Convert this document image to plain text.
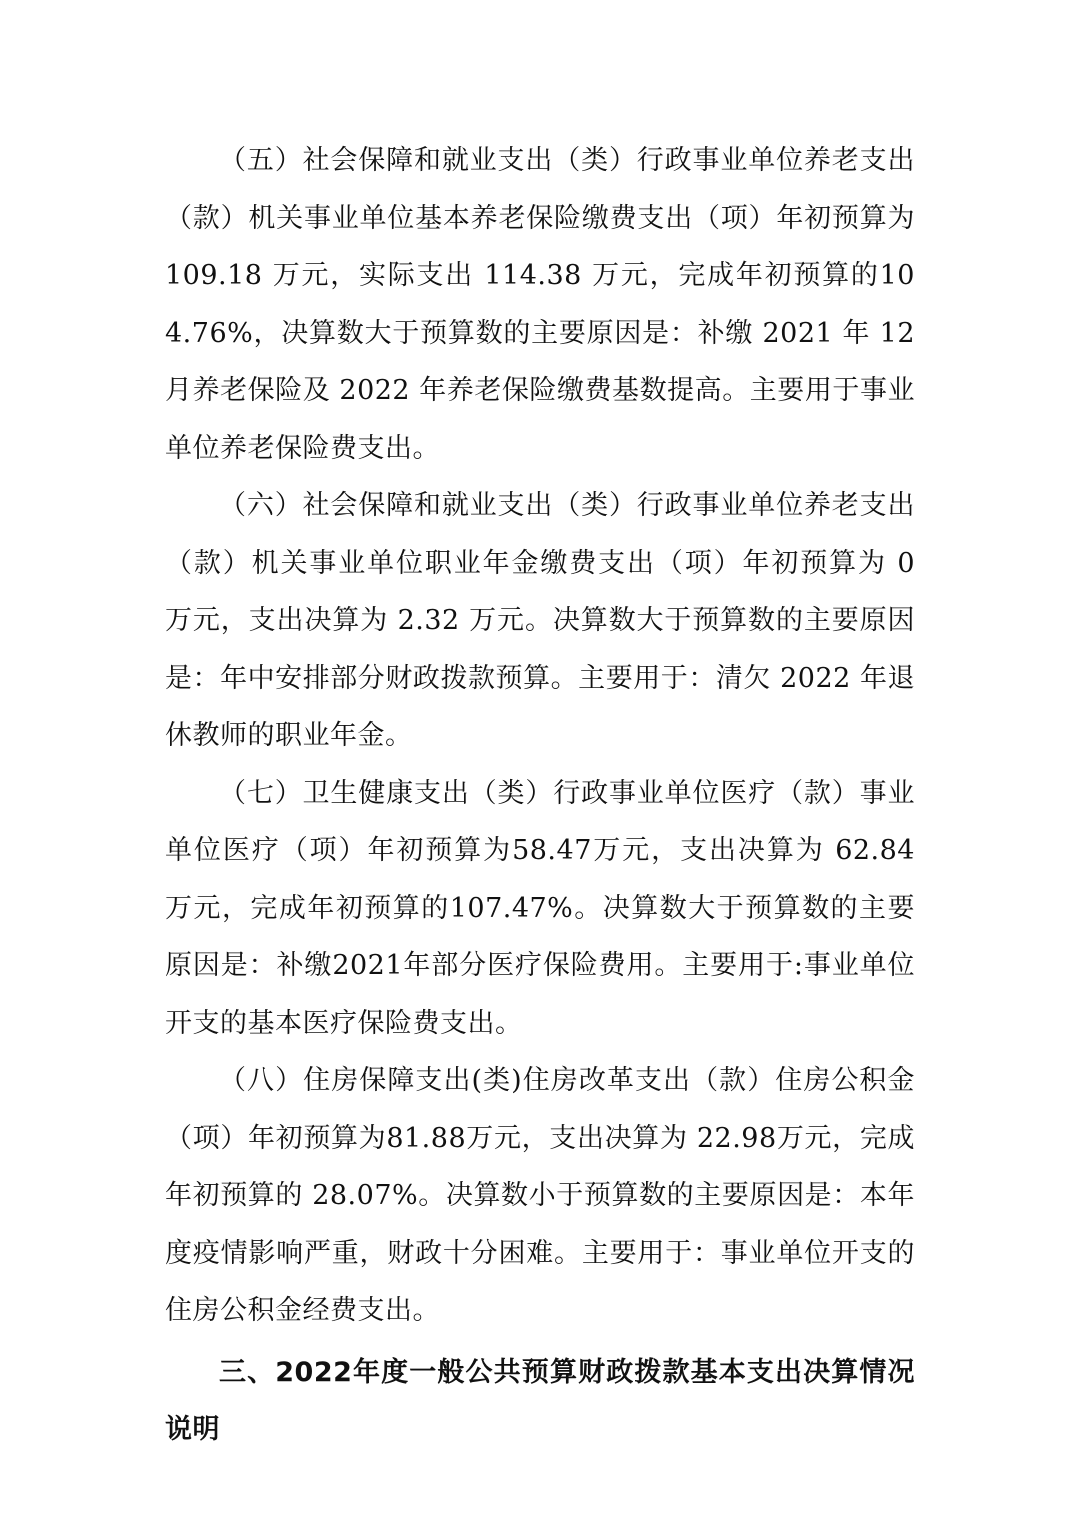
（五）社会保障和就业支出（类）行政事业单位养老支出（款）机关事业单位基本养老保险缴费支出（项）年初预算为 109.18 万元，实际支出 114.38 万元，完成年初预算的104.76%，决算数大于预算数的主要原因是：补缴 2021 年 12 月养老保险及 2022 年养老保险缴费基数提高。主要用于事业单位养老保险费支出。

（六）社会保障和就业支出（类）行政事业单位养老支出（款）机关事业单位职业年金缴费支出（项）年初预算为 0 万元，支出决算为 2.32 万元。决算数大于预算数的主要原因是：年中安排部分财政拨款预算。主要用于：清欠 2022 年退休教师的职业年金。

（七）卫生健康支出（类）行政事业单位医疗（款）事业单位医疗（项）年初预算为58.47万元，支出决算为 62.84 万元，完成年初预算的107.47%。决算数大于预算数的主要原因是：补缴2021年部分医疗保险费用。主要用于:事业单位开支的基本医疗保险费支出。

（八）住房保障支出(类)住房改革支出（款）住房公积金（项）年初预算为81.88万元，支出决算为 22.98万元，完成年初预算的 28.07%。决算数小于预算数的主要原因是：本年度疫情影响严重，财政十分困难。主要用于：事业单位开支的住房公积金经费支出。

三、2022年度一般公共预算财政拨款基本支出决算情况说明
